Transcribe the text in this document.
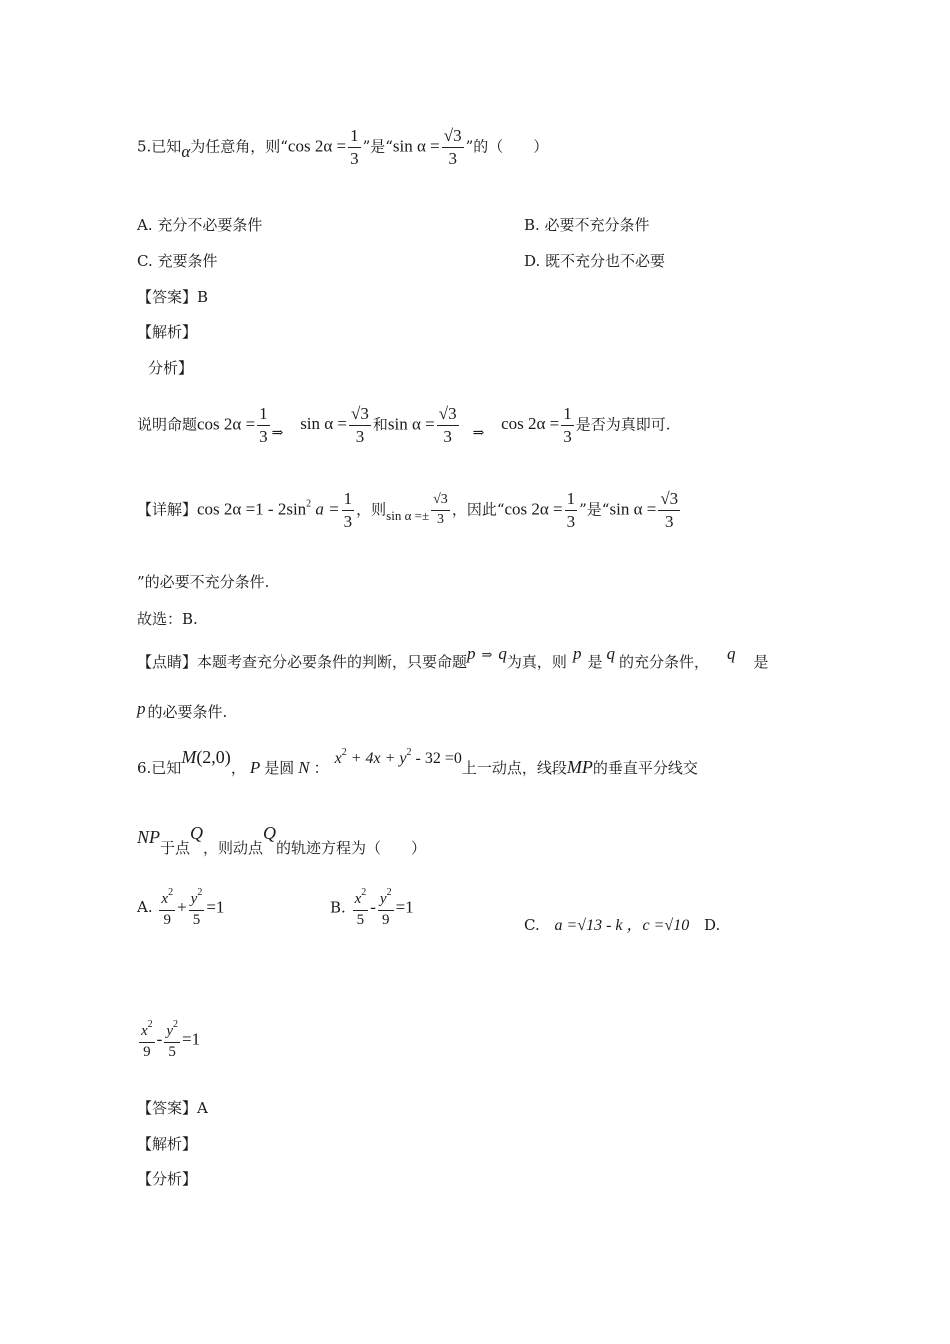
5.已知α为任意角，则“cos $2\alpha = \frac{1}{3}$ ”是“sin $\alpha = \frac{√3}{3}$ ”的（　　）
A. 充分不必要条件	B. 必要不充分条件
C. 充要条件	D. 既不充分也不必要
【答案】B
【解析】
分析】
说明命题$\cos 2\alpha = \frac{1}{3}$ ⇒ $\sin \alpha = \frac{√3}{3}$ 和$\sin \alpha = \frac{√3}{3}$ ⇒ $\cos 2\alpha = \frac{1}{3}$ 是否为真即可.
【详解】$\cos 2\alpha =1 - 2\sin^2$ $a = \frac{1}{3}$ ，则$\sin \alpha =\pm \frac{√3}{3}$ ，因此“cos $2\alpha = \frac{1}{3}$ ”是“sin $\alpha = \frac{√3}{3}$
”的必要不充分条件.
故选：B.
【点睛】本题考查充分必要条件的判断，只要命题p ⇒ q为真，则 p 是 q 的充分条件， q 是
p 的必要条件.
6.已知M(2,0)， P 是圆 N ：$x^2 + 4x + y^2 - 32 =0$上一动点，线段MP的垂直平分线交
NP于点Q，则动点Q的轨迹方程为（　　）
A. $\frac{x^2}{9} + \frac{y^2}{5} =1$	B. $\frac{x^2}{5} - \frac{y^2}{9} =1$
C. a =√13 - k ，c =√10 D.
$\frac{x^2}{9} - \frac{y^2}{5} =1$
【答案】A
【解析】
【分析】
